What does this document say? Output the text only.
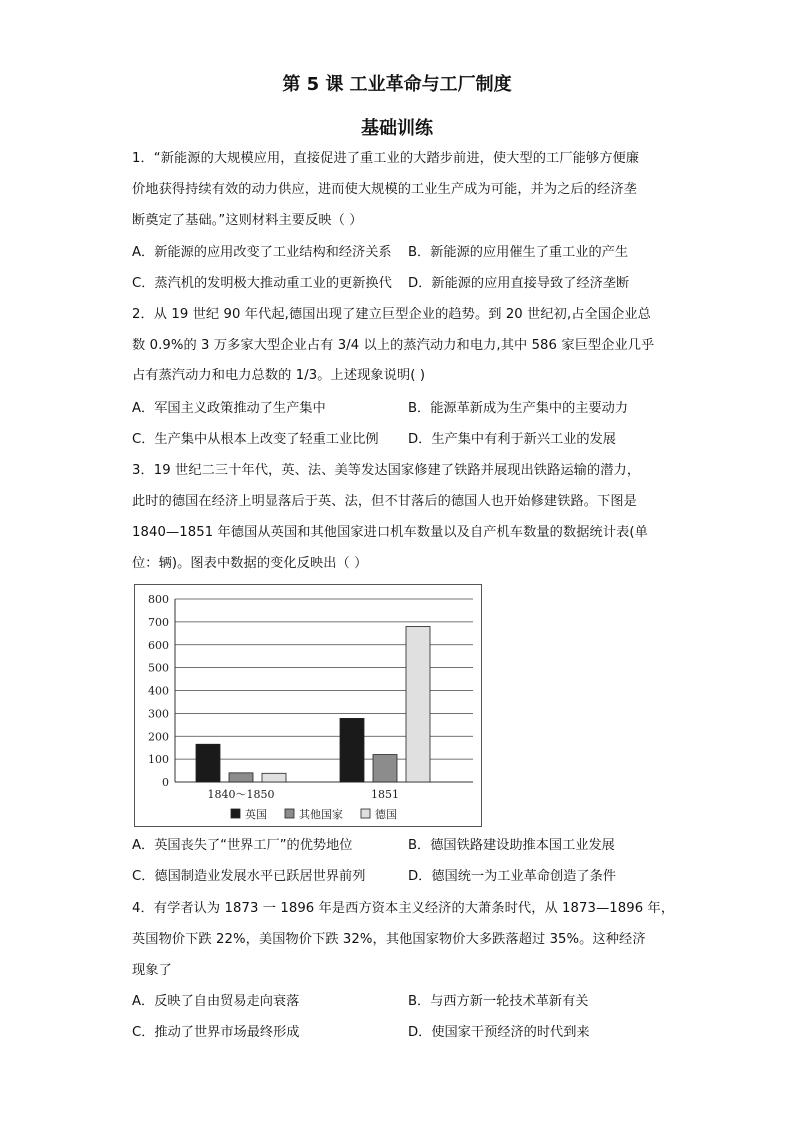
第 5 课 工业革命与工厂制度
基础训练
1．“新能源的大规模应用，直接促进了重工业的大踏步前进，使大型的工厂能够方便廉
价地获得持续有效的动力供应，进而使大规模的工业生产成为可能，并为之后的经济垄
断奠定了基础。”这则材料主要反映（ ）
A．新能源的应用改变了工业结构和经济关系 B．新能源的应用催生了重工业的产生
C．蒸汽机的发明极大推动重工业的更新换代 D．新能源的应用直接导致了经济垄断
2．从 19 世纪 90 年代起,德国出现了建立巨型企业的趋势。到 20 世纪初,占全国企业总
数 0.9%的 3 万多家大型企业占有 3/4 以上的蒸汽动力和电力,其中 586 家巨型企业几乎
占有蒸汽动力和电力总数的 1/3。上述现象说明( )
A．军国主义政策推动了生产集中	B．能源革新成为生产集中的主要动力
C．生产集中从根本上改变了轻重工业比例 D．生产集中有利于新兴工业的发展
3．19 世纪二三十年代，英、法、美等发达国家修建了铁路并展现出铁路运输的潜力，
此时的德国在经济上明显落后于英、法，但不甘落后的德国人也开始修建铁路。下图是
1840—1851 年德国从英国和其他国家进口机车数量以及自产机车数量的数据统计表(单
位：辆)。图表中数据的变化反映出（ ）
0
100
200
300
400
500
600
700
800
1840～1850	1851
英国	其他国家	德国
A．英国丧失了“世界工厂”的优势地位	B．德国铁路建设助推本国工业发展
C．德国制造业发展水平已跃居世界前列	D．德国统一为工业革命创造了条件
4．有学者认为 1873 一 1896 年是西方资本主义经济的大萧条时代，从 1873—1896 年，
英国物价下跌 22%，美国物价下跌 32%，其他国家物价大多跌落超过 35%。这种经济
现象了
A．反映了自由贸易走向衰落	B．与西方新一轮技术革新有关
C．推动了世界市场最终形成	D．使国家干预经济的时代到来
